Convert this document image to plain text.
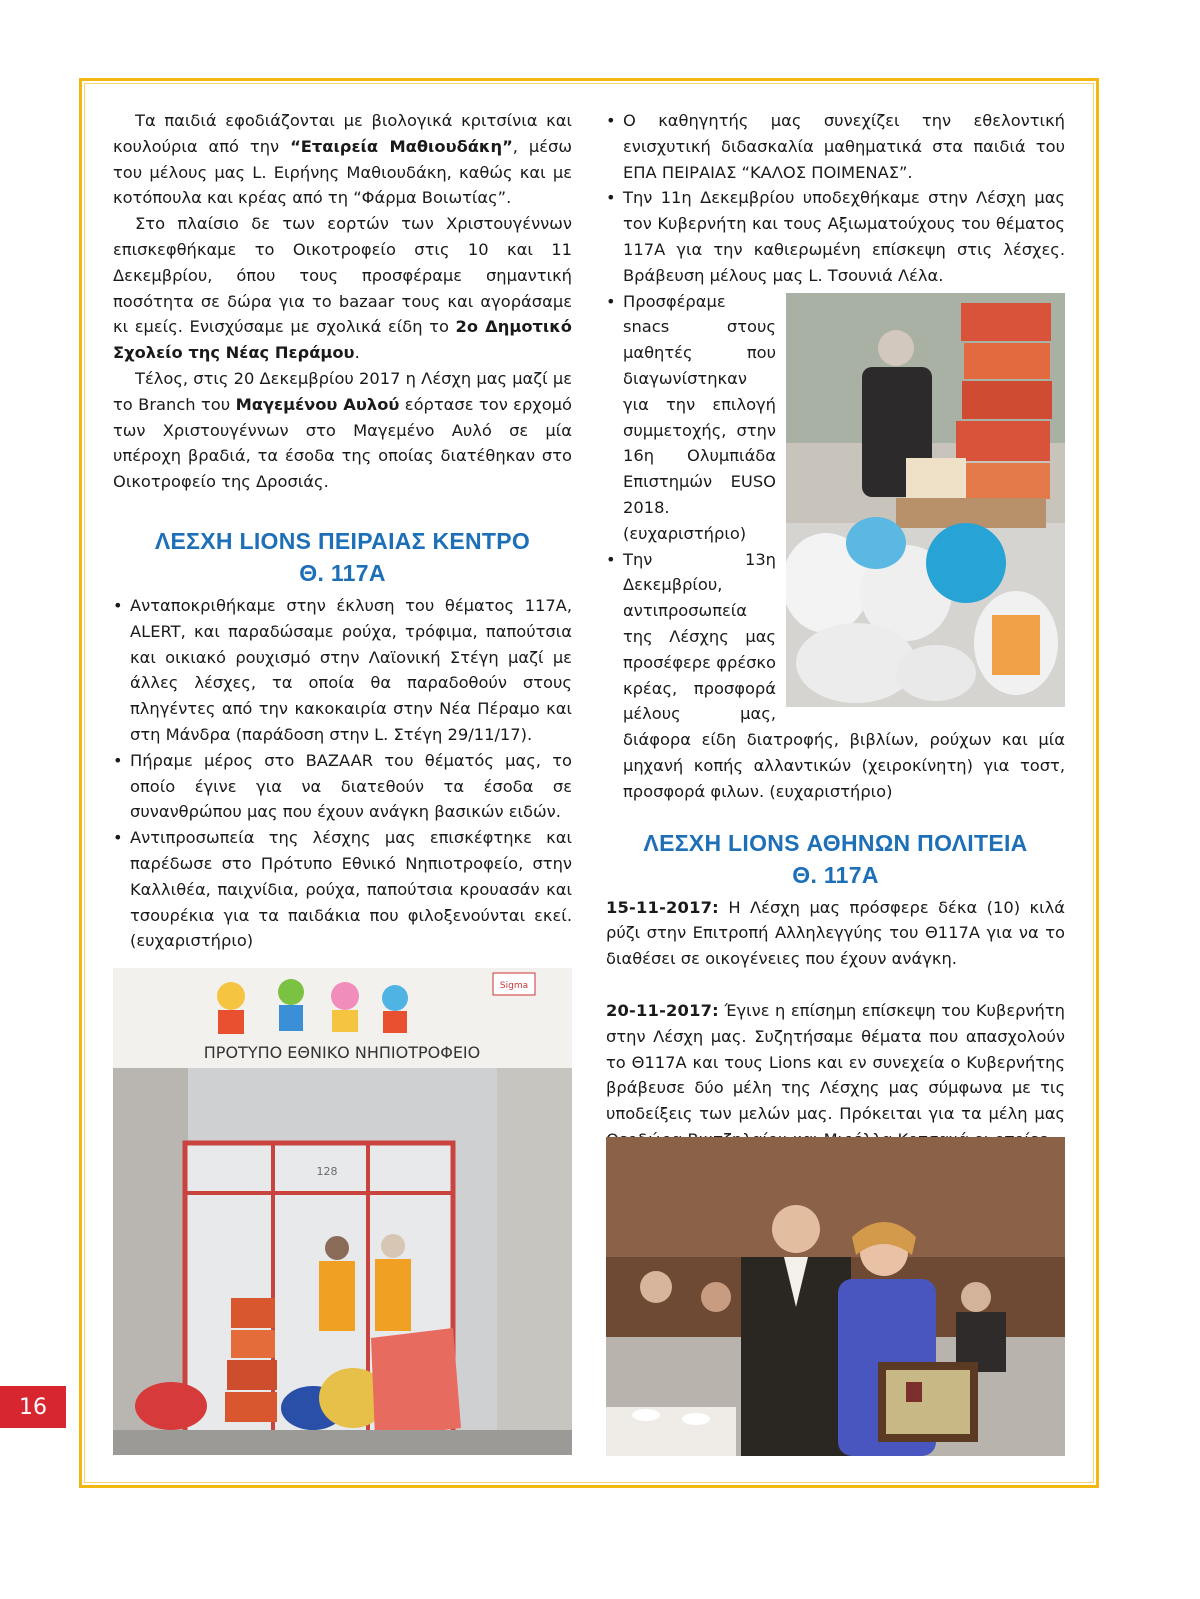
16

Τα παιδιά εφοδιάζονται με βιολογικά κριτσίνια και κουλούρια από την “Εταιρεία Μαθιουδάκη”, μέσω του μέλους μας L. Ειρήνης Μαθιουδάκη, καθώς και με κοτόπουλα και κρέας από τη “Φάρμα Βοιωτίας”.

Στο πλαίσιο δε των εορτών των Χριστουγέννων επισκεφθήκαμε το Οικοτροφείο στις 10 και 11 Δεκεμβρίου, όπου τους προσφέραμε σημαντική ποσότητα σε δώρα για το bazaar τους και αγοράσαμε κι εμείς. Ενισχύσαμε με σχολικά είδη το 2ο Δημοτικό Σχολείο της Νέας Περάμου.

Τέλος, στις 20 Δεκεμβρίου 2017 η Λέσχη μας μαζί με το Branch του Μαγεμένου Αυλού εόρτασε τον ερχομό των Χριστουγέννων στο Μαγεμένο Αυλό σε μία υπέροχη βραδιά, τα έσοδα της οποίας διατέθηκαν στο Οικοτροφείο της Δροσιάς.

ΛΕΣΧΗ LIONS ΠΕΙΡΑΙΑΣ ΚΕΝΤΡΟ
Θ. 117Α
• Ανταποκριθήκαμε στην έκλυση του θέματος 117Α, ALERT, και παραδώσαμε ρούχα, τρόφιμα, παπούτσια και οικιακό ρουχισμό στην Λαϊονική Στέγη μαζί με άλλες λέσχες, τα οποία θα παραδοθούν στους πληγέντες από την κακοκαιρία στην Νέα Πέραμο και στη Μάνδρα (παράδοση στην L. Στέγη 29/11/17).
• Πήραμε μέρος στο BAZAAR του θέματός μας, το οποίο έγινε για να διατεθούν τα έσοδα σε συνανθρώπου μας που έχουν ανάγκη βασικών ειδών.
• Αντιπροσωπεία της λέσχης μας επισκέφτηκε και παρέδωσε στο Πρότυπο Εθνικό Νηπιοτροφείο, στην Καλλιθέα, παιχνίδια, ρούχα, παπούτσια κρουασάν και τσουρέκια για τα παιδάκια που φιλοξενούνται εκεί. (ευχαριστήριο)
Sigma
ΠΡΟΤΥΠΟ ΕΘΝΙΚΟ ΝΗΠΙΟΤΡΟΦΕΙΟ
128
• Ο καθηγητής μας συνεχίζει την εθελοντική ενισχυτική διδασκαλία μαθηματικά στα παιδιά του ΕΠΑ ΠΕΙΡΑΙΑΣ “ΚΑΛΟΣ ΠΟΙΜΕΝΑΣ”.
• Την 11η Δεκεμβρίου υποδεχθήκαμε στην Λέσχη μας τον Κυβερνήτη και τους Αξιωματούχους του θέματος 117Α για την καθιερωμένη επίσκεψη στις λέσχες. Βράβευση μέλους μας L. Τσουνιά Λέλα.
• Προσφέραμε snacs στους μαθητές που διαγωνίστηκαν για την επιλογή συμμετοχής, στην 16η Ολυμπιάδα Επιστημών EUSO 2018. (ευχαριστήριο)
• Την 13η Δεκεμβρίου, αντιπροσωπεία της Λέσχης μας προσέφερε φρέσκο κρέας, προσφορά μέλους μας, διάφορα είδη διατροφής, βιβλίων, ρούχων και μία μηχανή κοπής αλλαντικών (χειροκίνητη) για τοστ, προσφορά φιλων. (ευχαριστήριο)
ΛΕΣΧΗ LIONS ΑΘΗΝΩΝ ΠΟΛΙΤΕΙΑ
Θ. 117Α

15-11-2017: Η Λέσχη μας πρόσφερε δέκα (10) κιλά ρύζι στην Επιτροπή Αλληλεγγύης του Θ117Α για να το διαθέσει σε οικογένειες που έχουν ανάγκη.

20-11-2017: Έγινε η επίσημη επίσκεψη του Κυβερνήτη στην Λέσχη μας. Συζητήσαμε θέματα που απασχολούν το Θ117Α και τους Lions και εν συνεχεία ο Κυβερνήτης βράβευσε δύο μέλη της Λέσχης μας σύμφωνα με τις υποδείξεις των μελών μας. Πρόκειται για τα μέλη μας
